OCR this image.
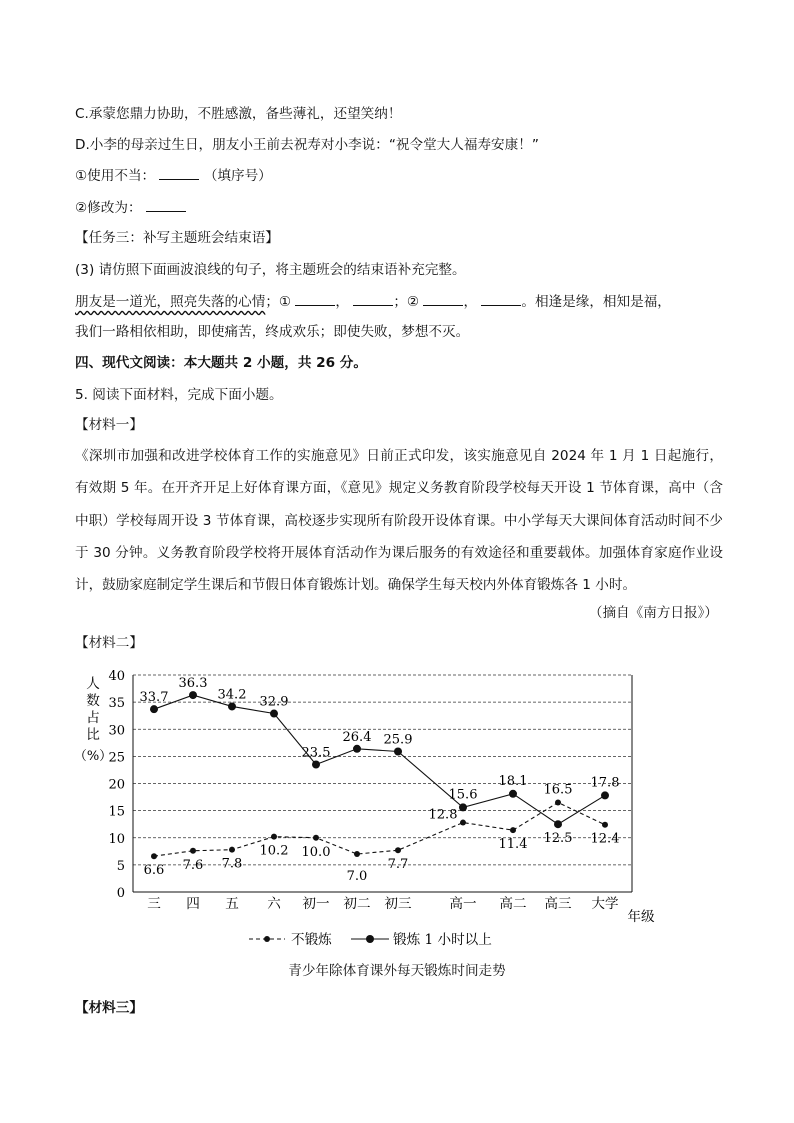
C.承蒙您鼎力协助，不胜感激，备些薄礼，还望笑纳！
D.小李的母亲过生日，朋友小王前去祝寿对小李说：“祝令堂大人福寿安康！”
①使用不当：	（填序号）
②修改为：
【任务三：补写主题班会结束语】
(3) 请仿照下面画波浪线的句子，将主题班会的结束语补充完整。
朋友是一道光，照亮失落的心情；①	，	；②	，	。相逢是缘，相知是福，
我们一路相依相助，即使痛苦，终成欢乐；即使失败，梦想不灭。
四、现代文阅读：本大题共 2 小题，共 26 分。
5. 阅读下面材料，完成下面小题。
【材料一】
《深圳市加强和改进学校体育工作的实施意见》日前正式印发，该实施意见自 2024 年 1 月 1 日起施行，有效期 5 年。在开齐开足上好体育课方面，《意见》规定义务教育阶段学校每天开设 1 节体育课，高中（含中职）学校每周开设 3 节体育课，高校逐步实现所有阶段开设体育课。中小学每天大课间体育活动时间不少于 30 分钟。义务教育阶段学校将开展体育活动作为课后服务的有效途径和重要载体。加强体育家庭作业设计，鼓励家庭制定学生课后和节假日体育锻炼计划。确保学生每天校内外体育锻炼各 1 小时。
（摘自《南方日报》）
【材料二】
0
5
10
15
20
25
30
35
40
人
数
占
比
（%）
三 四 五 六 初一 初二 初三	高一 高二 高三 大学
年级
33.7
36.3
34.2 32.9
23.5
26.4 25.9
15.6
18.1
12.5
17.8
6.6 7.6 7.8
10.2 10.0
7.0
7.7
12.8
11.4
16.5
12.4
不锻炼	锻炼 1 小时以上
青少年除体育课外每天锻炼时间走势
【材料三】
